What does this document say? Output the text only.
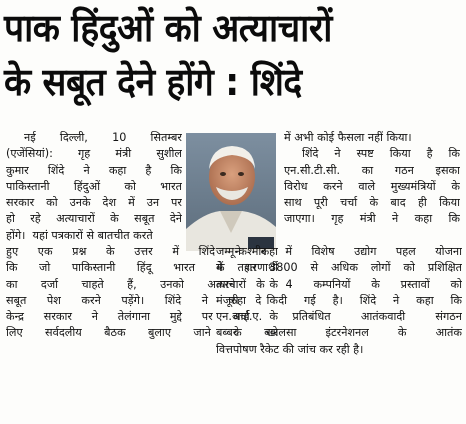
पाक हिंदुओं को अत्याचारों
के सबूत देने होंगे : शिंदे
नई दिल्ली, 10 सितम्बर
(एजेंसियां): गृह मंत्री सुशील
कुमार शिंदे ने कहा है कि
पाकिस्तानी हिंदुओं को भारत
सरकार को उनके देश में उन पर
हो रहे अत्याचारों के सबूत देने
होंगे। यहां पत्रकारों से बातचीत करते
हुए एक प्रश्न के उत्तर में शिंदे ने कहा
कि जो पाकिस्तानी हिंदू भारत में शरणार्थी
का दर्जा चाहते हैं, उनको अत्याचारों के
सबूत पेश करने पड़ेंगे। शिंदे ने कहा कि
केन्द्र सरकार ने तेलंगाना मुद्दे पर चर्चा के
लिए सर्वदलीय बैठक बुलाए जाने के बारे
में अभी कोई फैसला नहीं किया।
शिंदे ने स्पष्ट किया है कि
एन.सी.टी.सी. का गठन इसका
विरोध करने वाले मुख्यमंत्रियों के
साथ पूरी चर्चा के बाद ही किया
जाएगा। गृह मंत्री ने कहा कि
जम्मू-कश्मीर में विशेष उद्योग पहल योजना
के तहत 3800 से अधिक लोगों को प्रशिक्षित
करने के 4 कम्पनियों के प्रस्तावों को
मंजूरी दे दी गई है। शिंदे ने कहा कि
एन.आई.ए. प्रतिबंधित आतंकवादी संगठन
बब्बर खालसा इंटरनेशनल के आतंक
वित्तपोषण रैकेट की जांच कर रही है।
